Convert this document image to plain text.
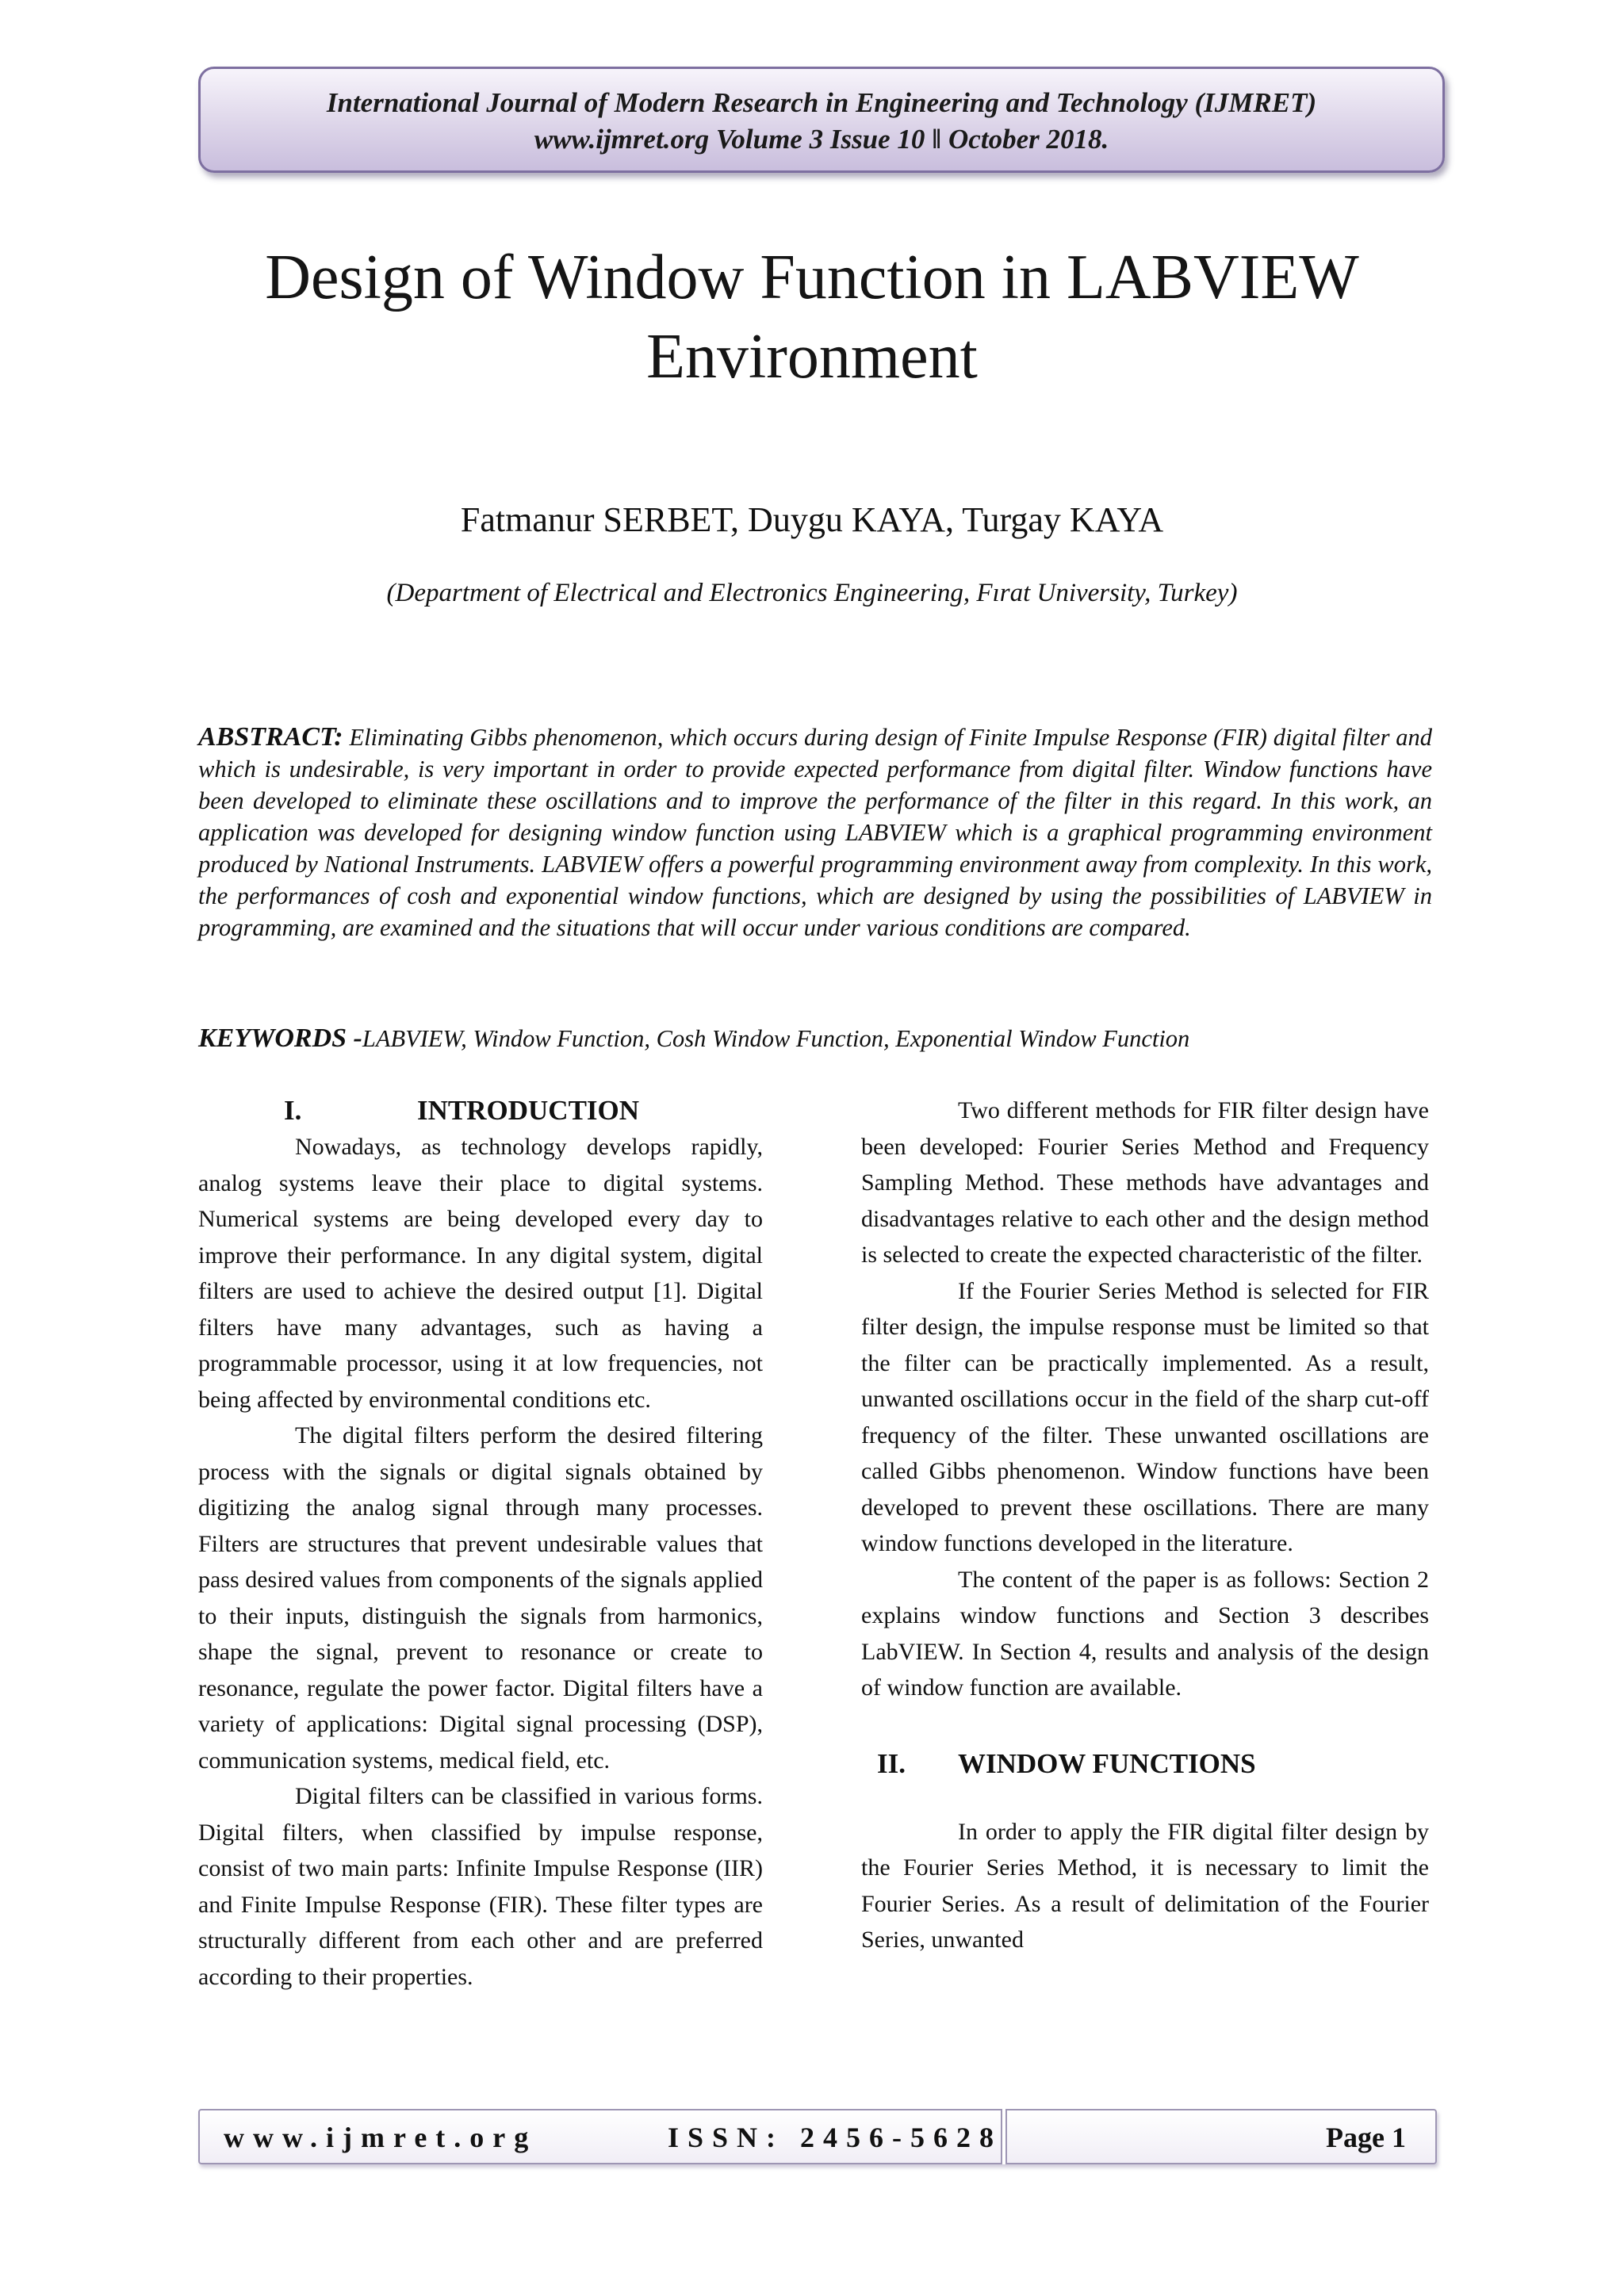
International Journal of Modern Research in Engineering and Technology (IJMRET)
www.ijmret.org Volume 3 Issue 10 ǁ October 2018.
Design of Window Function in LABVIEW
Environment
Fatmanur SERBET, Duygu KAYA, Turgay KAYA
(Department of Electrical and Electronics Engineering, Fırat University, Turkey)
ABSTRACT: Eliminating Gibbs phenomenon, which occurs during design of Finite Impulse Response (FIR) digital filter and which is undesirable, is very important in order to provide expected performance from digital filter. Window functions have been developed to eliminate these oscillations and to improve the performance of the filter in this regard. In this work, an application was developed for designing window function using LABVIEW which is a graphical programming environment produced by National Instruments. LABVIEW offers a powerful programming environment away from complexity. In this work, the performances of cosh and exponential window functions, which are designed by using the possibilities of LABVIEW in programming, are examined and the situations that will occur under various conditions are compared.
KEYWORDS -LABVIEW, Window Function, Cosh Window Function, Exponential Window Function
I.	INTRODUCTION

Nowadays, as technology develops rapidly, analog systems leave their place to digital systems. Numerical systems are being developed every day to improve their performance. In any digital system, digital filters are used to achieve the desired output [1]. Digital filters have many advantages, such as having a programmable processor, using it at low frequencies, not being affected by environmental conditions etc.

The digital filters perform the desired filtering process with the signals or digital signals obtained by digitizing the analog signal through many processes. Filters are structures that prevent undesirable values that pass desired values from components of the signals applied to their inputs, distinguish the signals from harmonics, shape the signal, prevent to resonance or create to resonance, regulate the power factor. Digital filters have a variety of applications: Digital signal processing (DSP), communication systems, medical field, etc.

Digital filters can be classified in various forms. Digital filters, when classified by impulse response, consist of two main parts: Infinite Impulse Response (IIR) and Finite Impulse Response (FIR). These filter types are structurally different from each other and are preferred according to their properties.

Two different methods for FIR filter design have been developed: Fourier Series Method and Frequency Sampling Method. These methods have advantages and disadvantages relative to each other and the design method is selected to create the expected characteristic of the filter.

If the Fourier Series Method is selected for FIR filter design, the impulse response must be limited so that the filter can be practically implemented. As a result, unwanted oscillations occur in the field of the sharp cut-off frequency of the filter. These unwanted oscillations are called Gibbs phenomenon. Window functions have been developed to prevent these oscillations. There are many window functions developed in the literature.

The content of the paper is as follows: Section 2 explains window functions and Section 3 describes LabVIEW. In Section 4, results and analysis of the design of window function are available.

II. WINDOW FUNCTIONS

In order to apply the FIR digital filter design by the Fourier Series Method, it is necessary to limit the Fourier Series. As a result of delimitation of the Fourier Series, unwanted

www.ijmret.org	ISSN: 2456-5628	Page 1
